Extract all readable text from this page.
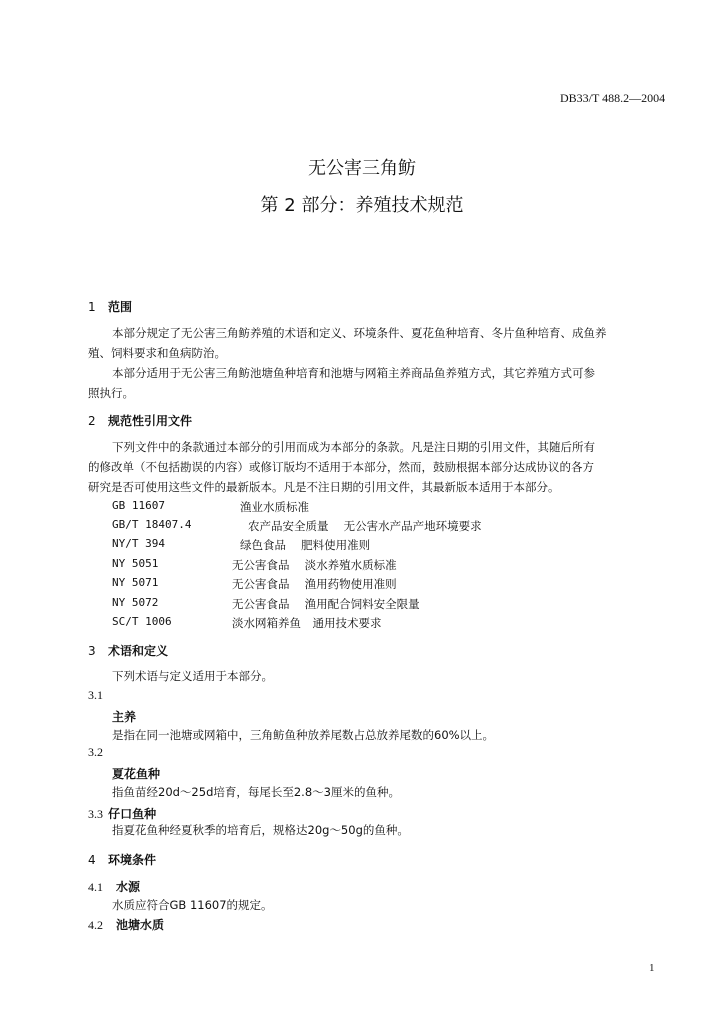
DB33/T 488.2—2004
无公害三角鲂
第 2 部分：养殖技术规范
1 范围
本部分规定了无公害三角鲂养殖的术语和定义、环境条件、夏花鱼种培育、冬片鱼种培育、成鱼养
殖、饲料要求和鱼病防治。
本部分适用于无公害三角鲂池塘鱼种培育和池塘与网箱主养商品鱼养殖方式，其它养殖方式可参
照执行。
2 规范性引用文件
下列文件中的条款通过本部分的引用而成为本部分的条款。凡是注日期的引用文件，其随后所有
的修改单（不包括勘误的内容）或修订版均不适用于本部分，然而，鼓励根据本部分达成协议的各方
研究是否可使用这些文件的最新版本。凡是不注日期的引用文件，其最新版本适用于本部分。
GB 11607	渔业水质标准
GB/T 18407.4	农产品安全质量　 无公害水产品产地环境要求
NY/T 394	绿色食品　 肥料使用准则
NY 5051	无公害食品　 淡水养殖水质标准
NY 5071	无公害食品　 渔用药物使用准则
NY 5072	无公害食品　 渔用配合饲料安全限量
SC/T 1006	淡水网箱养鱼　通用技术要求
3 术语和定义
下列术语与定义适用于本部分。
3.1
主养
是指在同一池塘或网箱中，三角鲂鱼种放养尾数占总放养尾数的60%以上。
3.2
夏花鱼种
指鱼苗经20d～25d培育，每尾长至2.8～3厘米的鱼种。
3.3 仔口鱼种
指夏花鱼种经夏秋季的培育后，规格达20g～50g的鱼种。
4 环境条件
4.1 水源
水质应符合GB 11607的规定。
4.2 池塘水质
1
